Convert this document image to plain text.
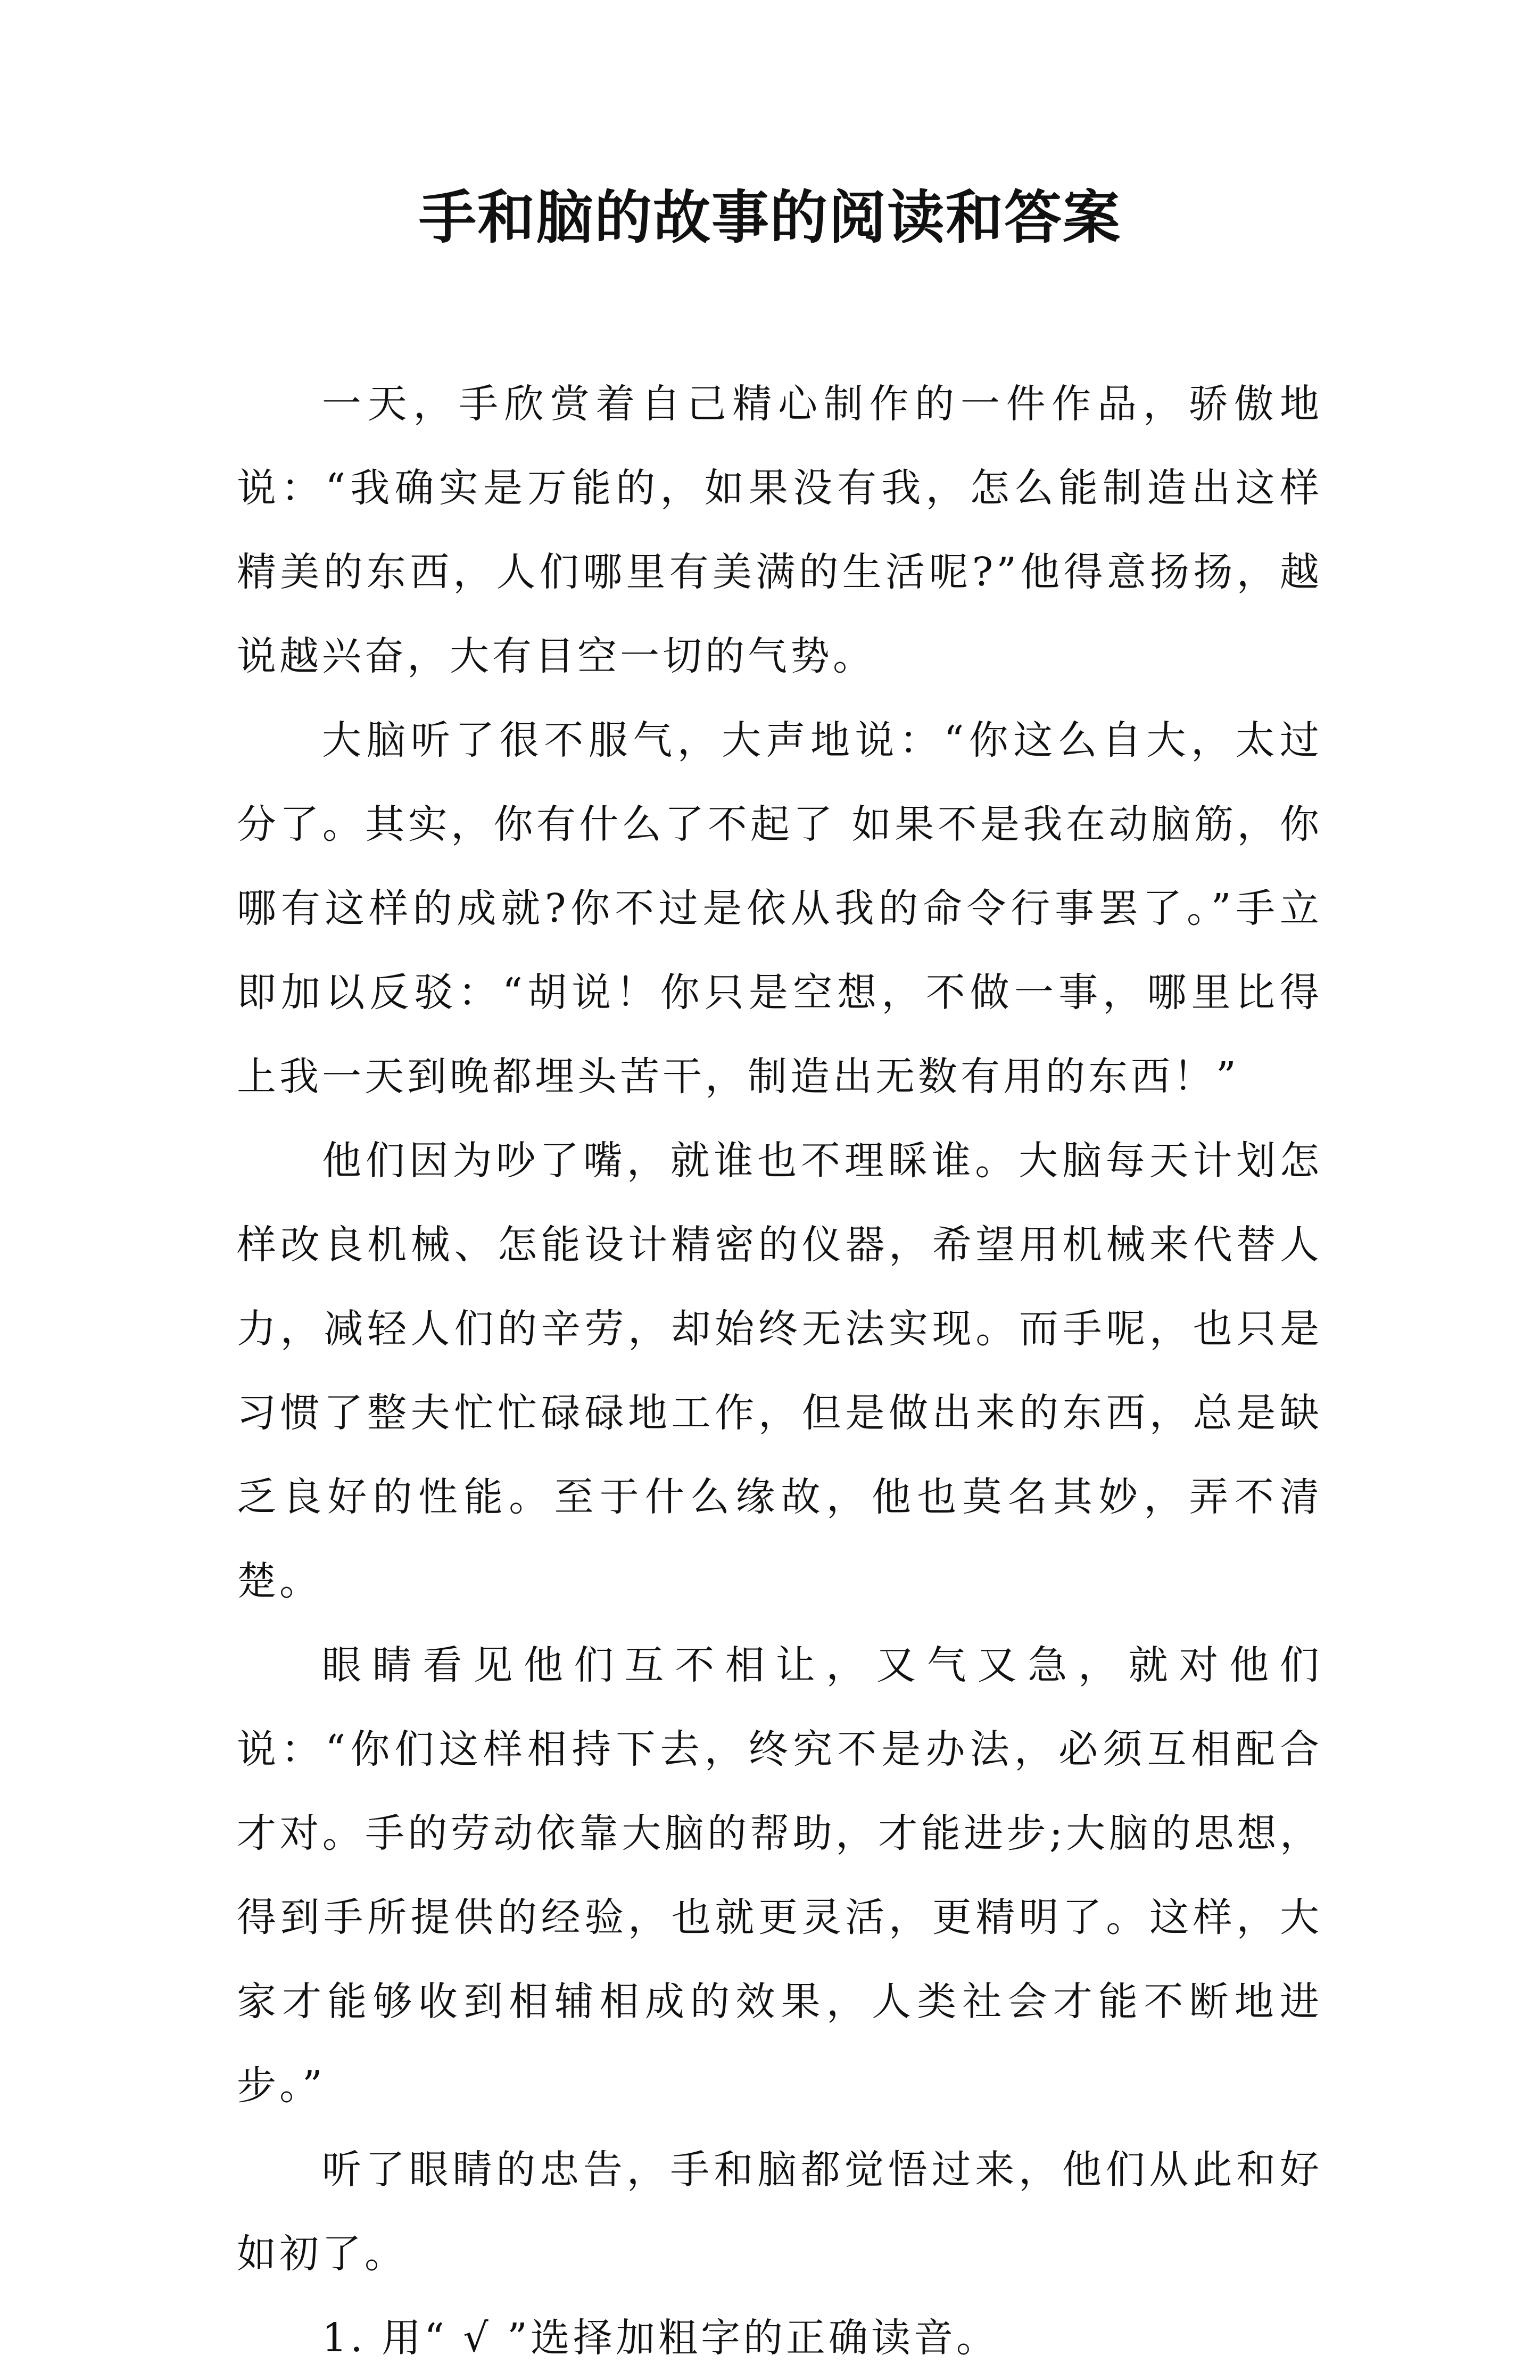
手和脑的故事的阅读和答案

一天，手欣赏着自己精心制作的一件作品，骄傲地说：“我确实是万能的，如果没有我，怎么能制造出这样精美的东西，人们哪里有美满的生活呢?”他得意扬扬，越说越兴奋，大有目空一切的气势。

大脑听了很不服气，大声地说：“你这么自大，太过分了。其实，你有什么了不起了 如果不是我在动脑筋，你哪有这样的成就?你不过是依从我的命令行事罢了。”手立即加以反驳：“胡说！你只是空想，不做一事，哪里比得上我一天到晚都埋头苦干，制造出无数有用的东西！”

他们因为吵了嘴，就谁也不理睬谁。大脑每天计划怎样改良机械、怎能设计精密的仪器，希望用机械来代替人力，减轻人们的辛劳，却始终无法实现。而手呢，也只是习惯了整夫忙忙碌碌地工作，但是做出来的东西，总是缺乏良好的性能。至于什么缘故，他也莫名其妙，弄不清楚。

眼睛看见他们互不相让，又气又急，就对他们说：“你们这样相持下去，终究不是办法，必须互相配合才对。手的劳动依靠大脑的帮助，才能进步;大脑的思想，得到手所提供的经验，也就更灵活，更精明了。这样，大家才能够收到相辅相成的效果，人类社会才能不断地进步。”

听了眼睛的忠告，手和脑都觉悟过来，他们从此和好如初了。

1. 用“ √ ”选择加粗字的正确读音。
